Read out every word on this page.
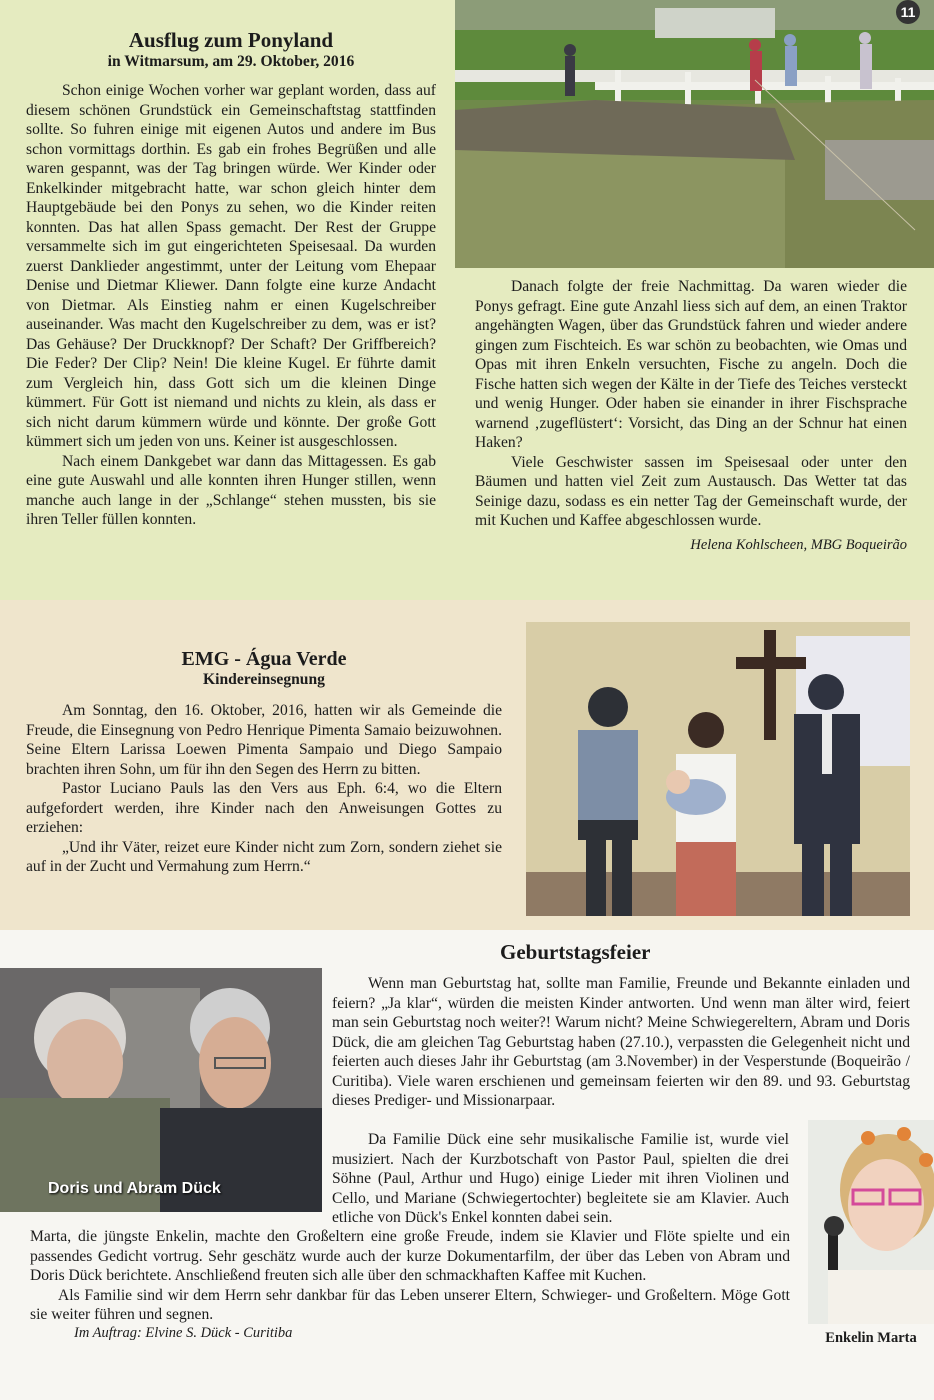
Ausflug zum Ponyland
in Witmarsum, am 29. Oktober, 2016

Schon einige Wochen vorher war geplant worden, dass auf diesem schönen Grundstück ein Gemeinschaftstag stattfinden sollte. So fuhren einige mit eigenen Autos und andere im Bus schon vormittags dorthin. Es gab ein frohes Begrüßen und alle waren gespannt, was der Tag bringen würde. Wer Kinder oder Enkelkinder mitgebracht hatte, war schon gleich hinter dem Hauptgebäude bei den Ponys zu sehen, wo die Kinder reiten konnten. Das hat allen Spass gemacht. Der Rest der Gruppe versammelte sich im gut eingerichteten Speisesaal. Da wurden zuerst Danklieder angestimmt, unter der Leitung vom Ehepaar Denise und Dietmar Kliewer. Dann folgte eine kurze Andacht von Dietmar. Als Einstieg nahm er einen Kugelschreiber auseinander. Was macht den Kugelschreiber zu dem, was er ist? Das Gehäuse? Der Druckknopf? Der Schaft? Der Griffbereich? Die Feder? Der Clip? Nein! Die kleine Kugel. Er führte damit zum Vergleich hin, dass Gott sich um die kleinen Dinge kümmert. Für Gott ist niemand und nichts zu klein, als dass er sich nicht darum kümmern würde und könnte. Der große Gott kümmert sich um jeden von uns. Keiner ist ausgeschlossen.

Nach einem Dankgebet war dann das Mittagessen. Es gab eine gute Auswahl und alle konnten ihren Hunger stillen, wenn manche auch lange in der „Schlange“ stehen mussten, bis sie ihren Teller füllen konnten.

11

Danach folgte der freie Nachmittag. Da waren wieder die Ponys gefragt. Eine gute Anzahl liess sich auf dem, an einen Traktor angehängten Wagen, über das Grundstück fahren und wieder andere gingen zum Fischteich. Es war schön zu beobachten, wie Omas und Opas mit ihren Enkeln versuchten, Fische zu angeln. Doch die Fische hatten sich wegen der Kälte in der Tiefe des Teiches versteckt und wenig Hunger. Oder haben sie einander in ihrer Fischsprache warnend ‚zugeflüstert‘: Vorsicht, das Ding an der Schnur hat einen Haken?

Viele Geschwister sassen im Speisesaal oder unter den Bäumen und hatten viel Zeit zum Austausch. Das Wetter tat das Seinige dazu, sodass es ein netter Tag der Gemeinschaft wurde, der mit Kuchen und Kaffee abgeschlossen wurde.

Helena Kohlscheen, MBG Boqueirão
EMG - Água Verde
Kindereinsegnung

Am Sonntag, den 16. Oktober, 2016, hatten wir als Gemeinde die Freude, die Einsegnung von Pedro Henrique Pimenta Samaio beizuwohnen. Seine Eltern Larissa Loewen Pimenta Sampaio und Diego Sampaio brachten ihren Sohn, um für ihn den Segen des Herrn zu bitten.

Pastor Luciano Pauls las den Vers aus Eph. 6:4, wo die Eltern aufgefordert werden, ihre Kinder nach den Anweisungen Gottes zu erziehen:

„Und ihr Väter, reizet eure Kinder nicht zum Zorn, sondern ziehet sie auf in der Zucht und Vermahung zum Herrn.“

Geburtstagsfeier
Doris und Abram Dück

Wenn man Geburtstag hat, sollte man Familie, Freunde und Bekannte einladen und feiern? „Ja klar“, würden die meisten Kinder antworten. Und wenn man älter wird, feiert man sein Geburtstag noch weiter?! Warum nicht? Meine Schwiegereltern, Abram und Doris Dück, die am gleichen Tag Geburtstag haben (27.10.), verpassten die Gelegenheit nicht und feierten auch dieses Jahr ihr Geburtstag (am 3.November) in der Vesperstunde (Boqueirão / Curitiba). Viele waren erschienen und gemeinsam feierten wir den 89. und 93. Geburtstag dieses Prediger- und Missionarpaar.

Da Familie Dück eine sehr musikalische Familie ist, wurde viel musiziert. Nach der Kurzbotschaft von Pastor Paul, spielten die drei Söhne (Paul, Arthur und Hugo) einige Lieder mit ihren Violinen und Cello, und Mariane (Schwiegertochter) begleitete sie am Klavier. Auch etliche von Dück's Enkel konnten dabei sein.

Enkelin Marta

Marta, die jüngste Enkelin, machte den Großeltern eine große Freude, indem sie Klavier und Flöte spielte und ein passendes Gedicht vortrug. Sehr geschätz wurde auch der kurze Dokumentarfilm, der über das Leben von Abram und Doris Dück berichtete. Anschließend freuten sich alle über den schmackhaften Kaffee mit Kuchen.

Als Familie sind wir dem Herrn sehr dankbar für das Leben unserer Eltern, Schwieger- und Großeltern. Möge Gott sie weiter führen und segnen.

Im Auftrag: Elvine S. Dück - Curitiba
